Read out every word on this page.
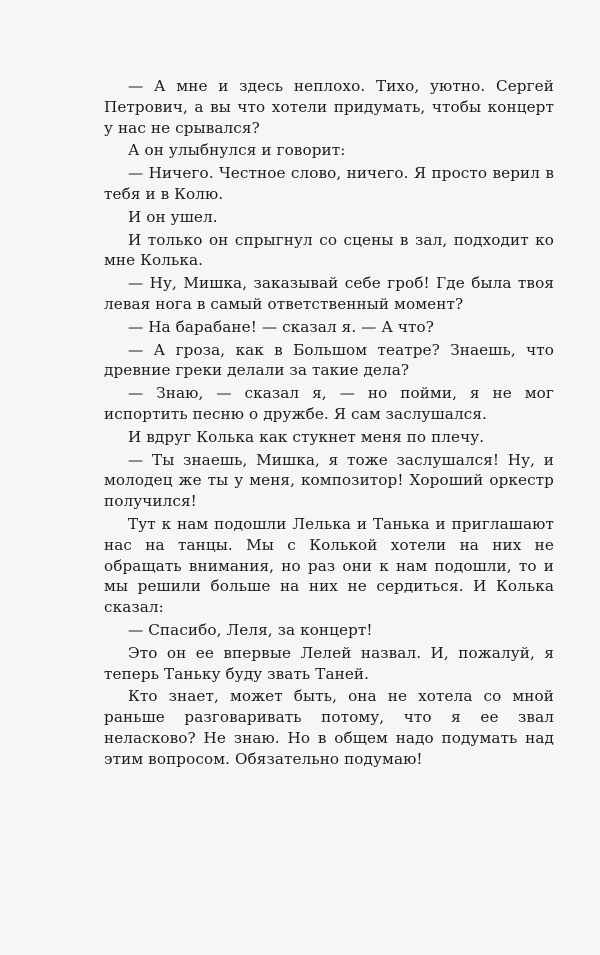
— А мне и здесь неплохо. Тихо, уютно. Сергей Петрович, а вы что хотели придумать, чтобы концерт у нас не срывался?

А он улыбнулся и говорит:

— Ничего. Честное слово, ничего. Я просто верил в тебя и в Колю.

И он ушел.

И только он спрыгнул со сцены в зал, подходит ко мне Колька.

— Ну, Мишка, заказывай себе гроб! Где была твоя левая нога в самый ответственный момент?

— На барабане! — сказал я. — А что?

— А гроза, как в Большом театре? Знаешь, что древние греки делали за такие дела?

— Знаю, — сказал я, — но пойми, я не мог испортить песню о дружбе. Я сам заслушался.

И вдруг Колька как стукнет меня по плечу.

— Ты знаешь, Мишка, я тоже заслушался! Ну, и молодец же ты у меня, композитор! Хороший оркестр получился!

Тут к нам подошли Лелька и Танька и приглашают нас на танцы. Мы с Колькой хотели на них не обращать внимания, но раз они к нам подошли, то и мы решили больше на них не сердиться. И Колька сказал:

— Спасибо, Леля, за концерт!

Это он ее впервые Лелей назвал. И, пожалуй, я теперь Таньку буду звать Таней.

Кто знает, может быть, она не хотела со мной раньше разговаривать потому, что я ее звал неласково? Не знаю. Но в общем надо подумать над этим вопросом. Обязательно подумаю!
